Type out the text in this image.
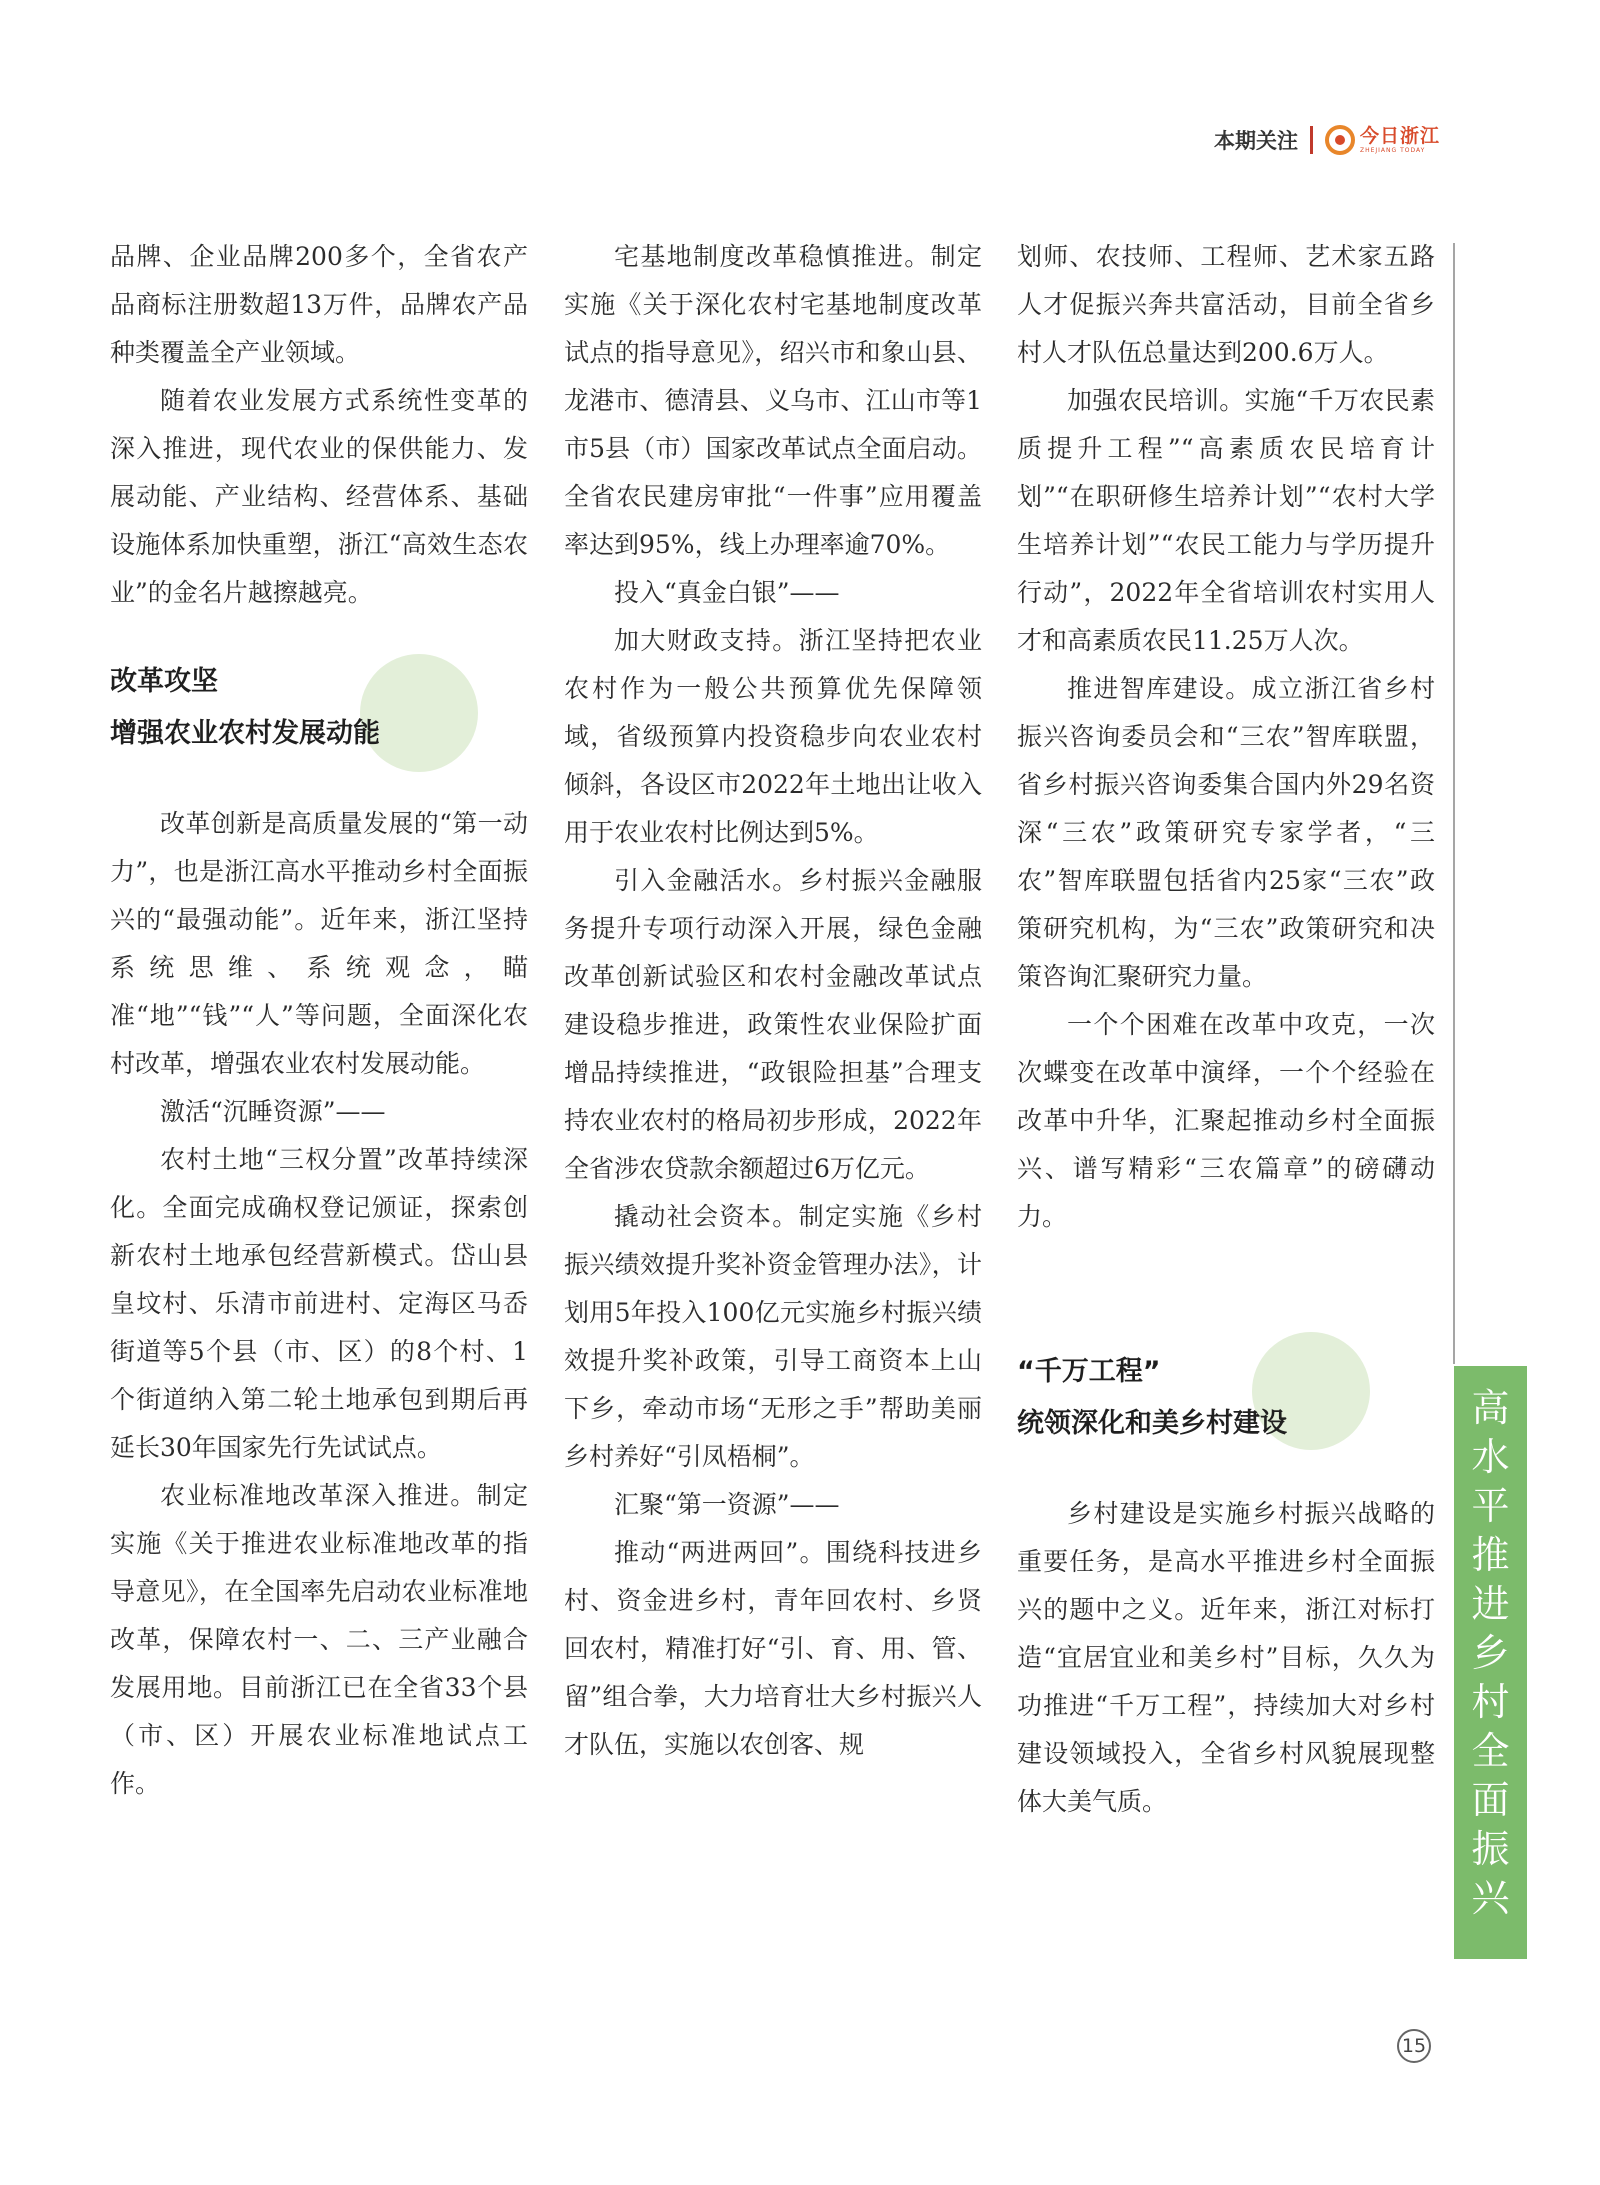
本期关注	今日浙江
ZHEJIANG TODAY

品牌、企业品牌200多个，全省农产品商标注册数超13万件，品牌农产品种类覆盖全产业领域。

随着农业发展方式系统性变革的深入推进，现代农业的保供能力、发展动能、产业结构、经营体系、基础设施体系加快重塑，浙江“高效生态农业”的金名片越擦越亮。

改革攻坚
增强农业农村发展动能

改革创新是高质量发展的“第一动力”，也是浙江高水平推动乡村全面振兴的“最强动能”。近年来，浙江坚持系统思维、系统观念，瞄准“地”“钱”“人”等问题，全面深化农村改革，增强农业农村发展动能。

激活“沉睡资源”——

农村土地“三权分置”改革持续深化。全面完成确权登记颁证，探索创新农村土地承包经营新模式。岱山县皇坟村、乐清市前进村、定海区马岙街道等5个县（市、区）的8个村、1个街道纳入第二轮土地承包到期后再延长30年国家先行先试试点。

农业标准地改革深入推进。制定实施《关于推进农业标准地改革的指导意见》，在全国率先启动农业标准地改革，保障农村一、二、三产业融合发展用地。目前浙江已在全省33个县（市、区）开展农业标准地试点工作。

宅基地制度改革稳慎推进。制定实施《关于深化农村宅基地制度改革试点的指导意见》，绍兴市和象山县、龙港市、德清县、义乌市、江山市等1市5县（市）国家改革试点全面启动。全省农民建房审批“一件事”应用覆盖率达到95%，线上办理率逾70%。

投入“真金白银”——

加大财政支持。浙江坚持把农业农村作为一般公共预算优先保障领域，省级预算内投资稳步向农业农村倾斜，各设区市2022年土地出让收入用于农业农村比例达到5%。

引入金融活水。乡村振兴金融服务提升专项行动深入开展，绿色金融改革创新试验区和农村金融改革试点建设稳步推进，政策性农业保险扩面增品持续推进，“政银险担基”合理支持农业农村的格局初步形成，2022年全省涉农贷款余额超过6万亿元。

撬动社会资本。制定实施《乡村振兴绩效提升奖补资金管理办法》，计划用5年投入100亿元实施乡村振兴绩效提升奖补政策，引导工商资本上山下乡，牵动市场“无形之手”帮助美丽乡村养好“引凤梧桐”。

汇聚“第一资源”——

推动“两进两回”。围绕科技进乡村、资金进乡村，青年回农村、乡贤回农村，精准打好“引、育、用、管、留”组合拳，大力培育壮大乡村振兴人才队伍，实施以农创客、规

划师、农技师、工程师、艺术家五路人才促振兴奔共富活动，目前全省乡村人才队伍总量达到200.6万人。

加强农民培训。实施“千万农民素质提升工程”“高素质农民培育计划”“在职研修生培养计划”“农村大学生培养计划”“农民工能力与学历提升行动”，2022年全省培训农村实用人才和高素质农民11.25万人次。

推进智库建设。成立浙江省乡村振兴咨询委员会和“三农”智库联盟，省乡村振兴咨询委集合国内外29名资深“三农”政策研究专家学者，“三农”智库联盟包括省内25家“三农”政策研究机构，为“三农”政策研究和决策咨询汇聚研究力量。

一个个困难在改革中攻克，一次次蝶变在改革中演绎，一个个经验在改革中升华，汇聚起推动乡村全面振兴、谱写精彩“三农篇章”的磅礴动力。

“千万工程”
统领深化和美乡村建设

乡村建设是实施乡村振兴战略的重要任务，是高水平推进乡村全面振兴的题中之义。近年来，浙江对标打造“宜居宜业和美乡村”目标，久久为功推进“千万工程”，持续加大对乡村建设领域投入，全省乡村风貌展现整体大美气质。

高水平推进乡村全面振兴
15
